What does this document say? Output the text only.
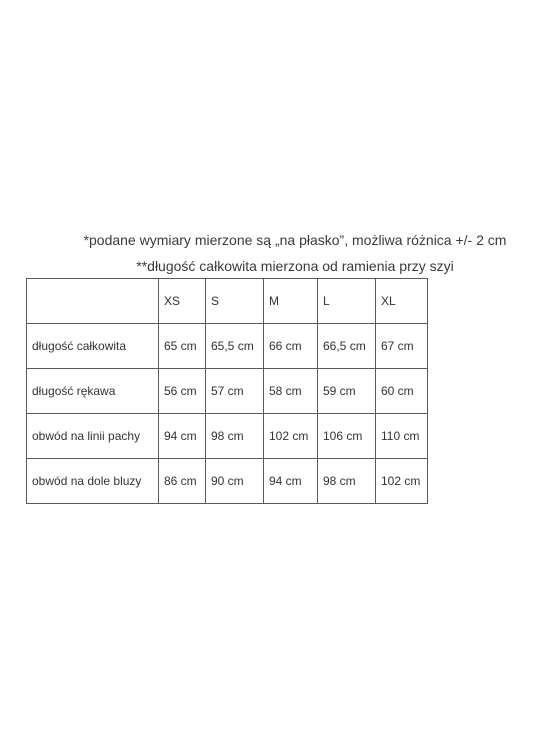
*podane wymiary mierzone są „na płasko”, możliwa różnica +/- 2 cm
**długość całkowita mierzona od ramienia przy szyi
	XS	S	M	L	XL
długość całkowita	65 cm	65,5 cm	66 cm	66,5 cm	67 cm
długość rękawa	56 cm	57 cm	58 cm	59 cm	60 cm
obwód na linii pachy	94 cm	98 cm	102 cm	106 cm	110 cm
obwód na dole bluzy	86 cm	90 cm	94 cm	98 cm	102 cm
